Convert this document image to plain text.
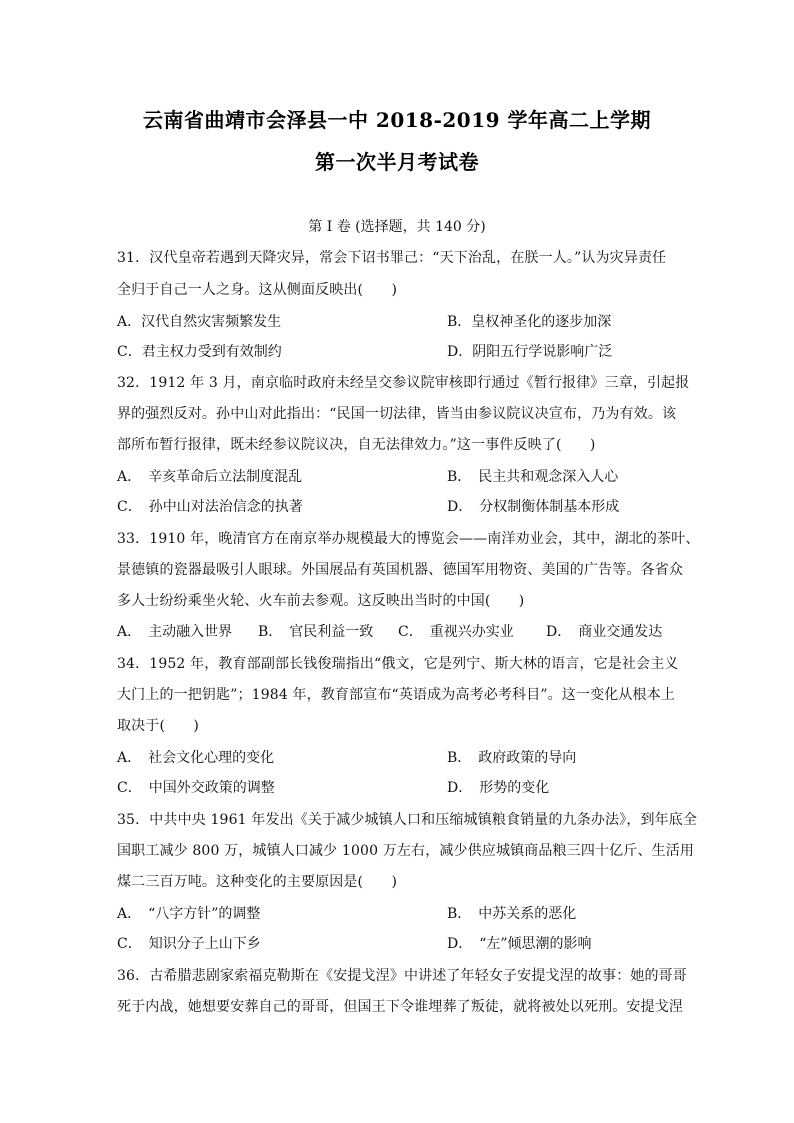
云南省曲靖市会泽县一中 2018-2019 学年高二上学期
第一次半月考试卷
第 I 卷 (选择题，共 140 分)
31．汉代皇帝若遇到天降灾异，常会下诏书罪己：“天下治乱，在朕一人。”认为灾异责任
全归于自己一人之身。这从侧面反映出(　　)
A．汉代自然灾害频繁发生	B．皇权神圣化的逐步加深
C．君主权力受到有效制约	D．阴阳五行学说影响广泛
32．1912 年 3 月，南京临时政府未经呈交参议院审核即行通过《暂行报律》三章，引起报
界的强烈反对。孙中山对此指出：“民国一切法律，皆当由参议院议决宣布，乃为有效。该
部所布暂行报律，既未经参议院议决，自无法律效力。”这一事件反映了(　　)
A．　辛亥革命后立法制度混乱	B．　民主共和观念深入人心
C．　孙中山对法治信念的执著	D．　分权制衡体制基本形成
33．1910 年，晚清官方在南京举办规模最大的博览会——南洋劝业会，其中，湖北的茶叶、
景德镇的瓷器最吸引人眼球。外国展品有英国机器、德国军用物资、美国的广告等。各省众
多人士纷纷乘坐火轮、火车前去参观。这反映出当时的中国(　　)
A．　主动融入世界 B．　官民利益一致 C．　重视兴办实业 D．　商业交通发达
34．1952 年，教育部副部长钱俊瑞指出“俄文，它是列宁、斯大林的语言，它是社会主义
大门上的一把钥匙”；1984 年，教育部宣布“英语成为高考必考科目”。这一变化从根本上
取决于(　　)
A．　社会文化心理的变化	B．　政府政策的导向
C．　中国外交政策的调整	D．　形势的变化
35．中共中央 1961 年发出《关于减少城镇人口和压缩城镇粮食销量的九条办法》，到年底全
国职工减少 800 万，城镇人口减少 1000 万左右，减少供应城镇商品粮三四十亿斤、生活用
煤二三百万吨。这种变化的主要原因是(　　)
A．　“八字方针”的调整	B．　中苏关系的恶化
C．　知识分子上山下乡	D．　“左”倾思潮的影响
36．古希腊悲剧家索福克勒斯在《安提戈涅》中讲述了年轻女子安提戈涅的故事：她的哥哥
死于内战，她想要安葬自己的哥哥，但国王下令谁埋葬了叛徒，就将被处以死刑。安提戈涅
